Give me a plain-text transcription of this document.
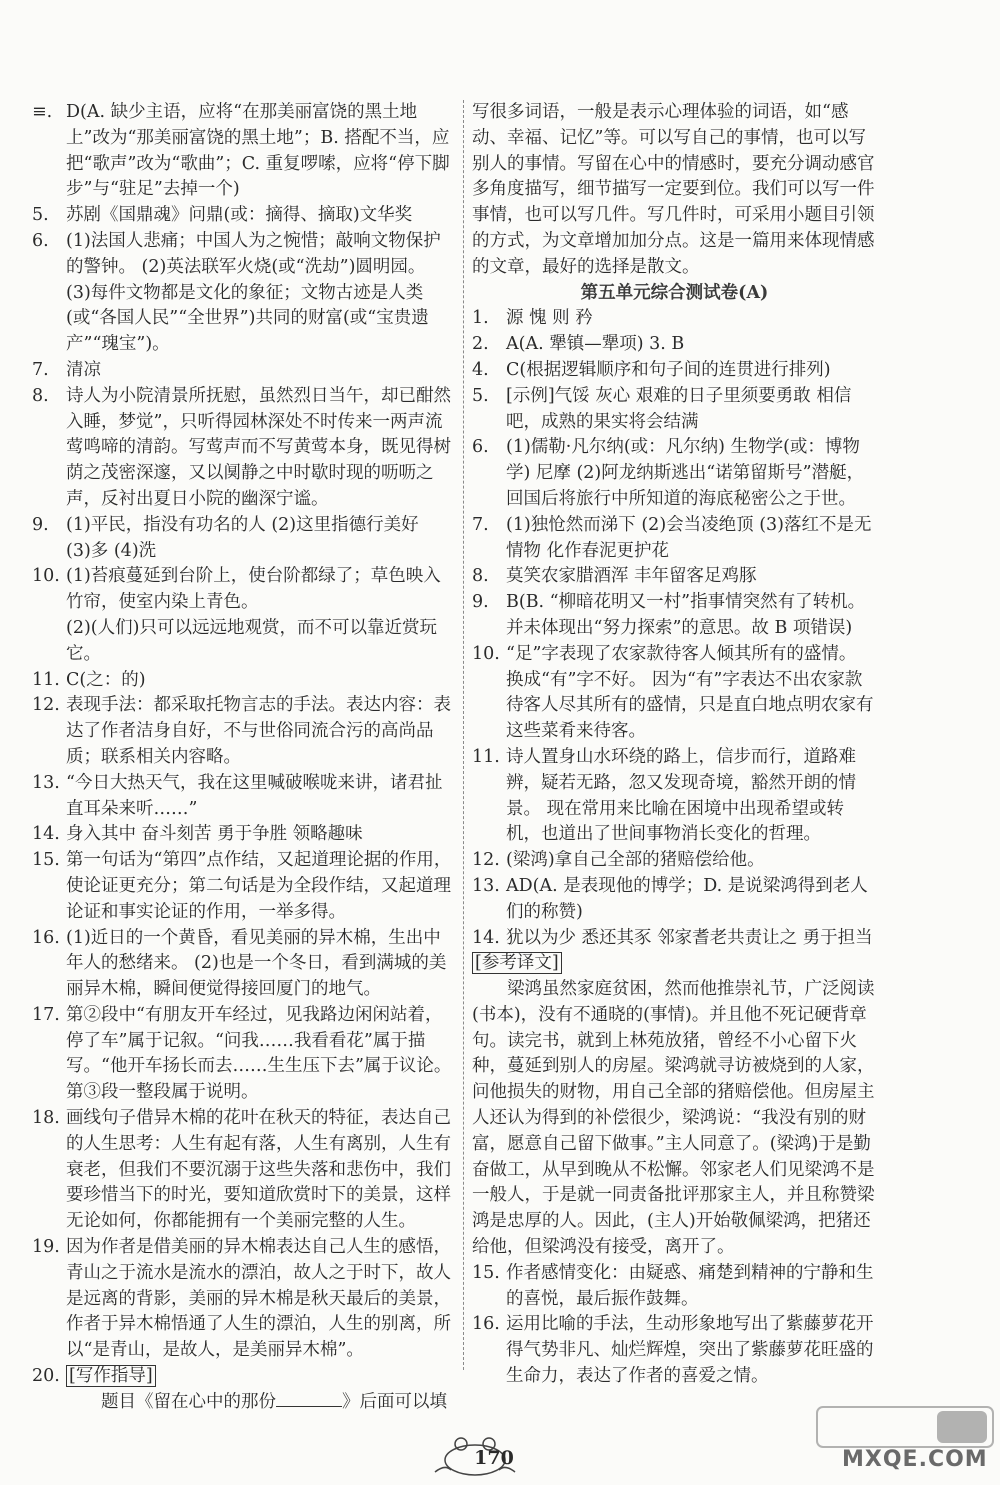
≡. D(A. 缺少主语，应将“在那美丽富饶的黑土地上”改为“那美丽富饶的黑土地”；B. 搭配不当，应把“歌声”改为“歌曲”；C. 重复啰嗦，应将“停下脚步”与“驻足”去掉一个)
5. 苏剧《国鼎魂》问鼎(或：摘得、摘取)文华奖
6. (1)法国人悲痛；中国人为之惋惜；敲响文物保护的警钟。 (2)英法联军火烧(或“洗劫”)圆明园。
(3)每件文物都是文化的象征；文物古迹是人类(或“各国人民”“全世界”)共同的财富(或“宝贵遗产”“瑰宝”)。
7. 清凉
8. 诗人为小院清景所抚慰，虽然烈日当午，却已酣然入睡，梦觉”，只听得园林深处不时传来一两声流莺鸣啼的清韵。写莺声而不写黄莺本身，既见得树荫之茂密深邃，又以阒静之中时歇时现的呖呖之声，反衬出夏日小院的幽深宁谧。
9. (1)平民，指没有功名的人 (2)这里指德行美好
(3)多 (4)洗
10. (1)苔痕蔓延到台阶上，使台阶都绿了；草色映入竹帘，使室内染上青色。
(2)(人们)只可以远远地观赏，而不可以靠近赏玩它。
11. C(之：的)
12. 表现手法：都采取托物言志的手法。表达内容：表达了作者洁身自好，不与世俗同流合污的高尚品质；联系相关内容略。
13. “今日大热天气，我在这里喊破喉咙来讲，诸君扯直耳朵来听……”
14. 身入其中 奋斗刻苦 勇于争胜 领略趣味
15. 第一句话为“第四”点作结，又起道理论据的作用，使论证更充分；第二句话是为全段作结，又起道理论证和事实论证的作用，一举多得。
16. (1)近日的一个黄昏，看见美丽的异木棉，生出中年人的愁绪来。 (2)也是一个冬日，看到满城的美丽异木棉，瞬间便觉得接回厦门的地气。
17. 第②段中“有朋友开车经过，见我路边闲闲站着，停了车”属于记叙。“问我……我看看花”属于描写。“他开车扬长而去……生生压下去”属于议论。第③段一整段属于说明。
18. 画线句子借异木棉的花叶在秋天的特征，表达自己的人生思考：人生有起有落，人生有离别，人生有衰老，但我们不要沉溺于这些失落和悲伤中，我们要珍惜当下的时光，要知道欣赏时下的美景，这样无论如何，你都能拥有一个美丽完整的人生。
19. 因为作者是借美丽的异木棉表达自己人生的感悟，青山之于流水是流水的漂泊，故人之于时下，故人是远离的背影，美丽的异木棉是秋天最后的美景，作者于异木棉悟通了人生的漂泊，人生的别离，所以“是青山，是故人，是美丽异木棉”。
20. [写作指导]
题目《留在心中的那份	》后面可以填
写很多词语，一般是表示心理体验的词语，如“感动、幸福、记忆”等。可以写自己的事情，也可以写别人的事情。写留在心中的情感时，要充分调动感官多角度描写，细节描写一定要到位。我们可以写一件事情，也可以写几件。写几件时，可采用小题目引领的方式，为文章增加加分点。这是一篇用来体现情感的文章，最好的选择是散文。
第五单元综合测试卷(A)
1. 源 愧 则 矜
2. A(A. 犟镇—犟项) 3. B
4. C(根据逻辑顺序和句子间的连贯进行排列)
5. [示例]气馁 灰心 艰难的日子里须要勇敢 相信吧，成熟的果实将会结满
6. (1)儒勒·凡尔纳(或：凡尔纳) 生物学(或：博物学) 尼摩 (2)阿龙纳斯逃出“诺第留斯号”潜艇，回国后将旅行中所知道的海底秘密公之于世。
7. (1)独怆然而涕下 (2)会当凌绝顶 (3)落红不是无情物 化作春泥更护花
8. 莫笑农家腊酒浑 丰年留客足鸡豚
9. B(B. “柳暗花明又一村”指事情突然有了转机。并未体现出“努力探索”的意思。故 B 项错误)
10. “足”字表现了农家款待客人倾其所有的盛情。
换成“有”字不好。 因为“有”字表达不出农家款待客人尽其所有的盛情，只是直白地点明农家有这些菜肴来待客。
11. 诗人置身山水环绕的路上，信步而行，道路难辨，疑若无路，忽又发现奇境，豁然开朗的情景。 现在常用来比喻在困境中出现希望或转机，也道出了世间事物消长变化的哲理。
12. (梁鸿)拿自己全部的猪赔偿给他。
13. AD(A. 是表现他的博学；D. 是说梁鸿得到老人们的称赞)
14. 犹以为少 悉还其豕 邻家耆老共责让之 勇于担当
[参考译文]
梁鸿虽然家庭贫困，然而他推崇礼节，广泛阅读(书本)，没有不通晓的(事情)。并且他不死记硬背章句。读完书，就到上林苑放猪，曾经不小心留下火种，蔓延到别人的房屋。梁鸿就寻访被烧到的人家，问他损失的财物，用自己全部的猪赔偿他。但房屋主人还认为得到的补偿很少，梁鸿说：“我没有别的财富，愿意自己留下做事。”主人同意了。(梁鸿)于是勤奋做工，从早到晚从不松懈。邻家老人们见梁鸿不是一般人，于是就一同责备批评那家主人，并且称赞梁鸿是忠厚的人。因此，(主人)开始敬佩梁鸿，把猪还给他，但梁鸿没有接受，离开了。
15. 作者感情变化：由疑惑、痛楚到精神的宁静和生的喜悦，最后振作鼓舞。
16. 运用比喻的手法，生动形象地写出了紫藤萝花开得气势非凡、灿烂辉煌，突出了紫藤萝花旺盛的生命力，表达了作者的喜爱之情。
170	MXQE.COM
